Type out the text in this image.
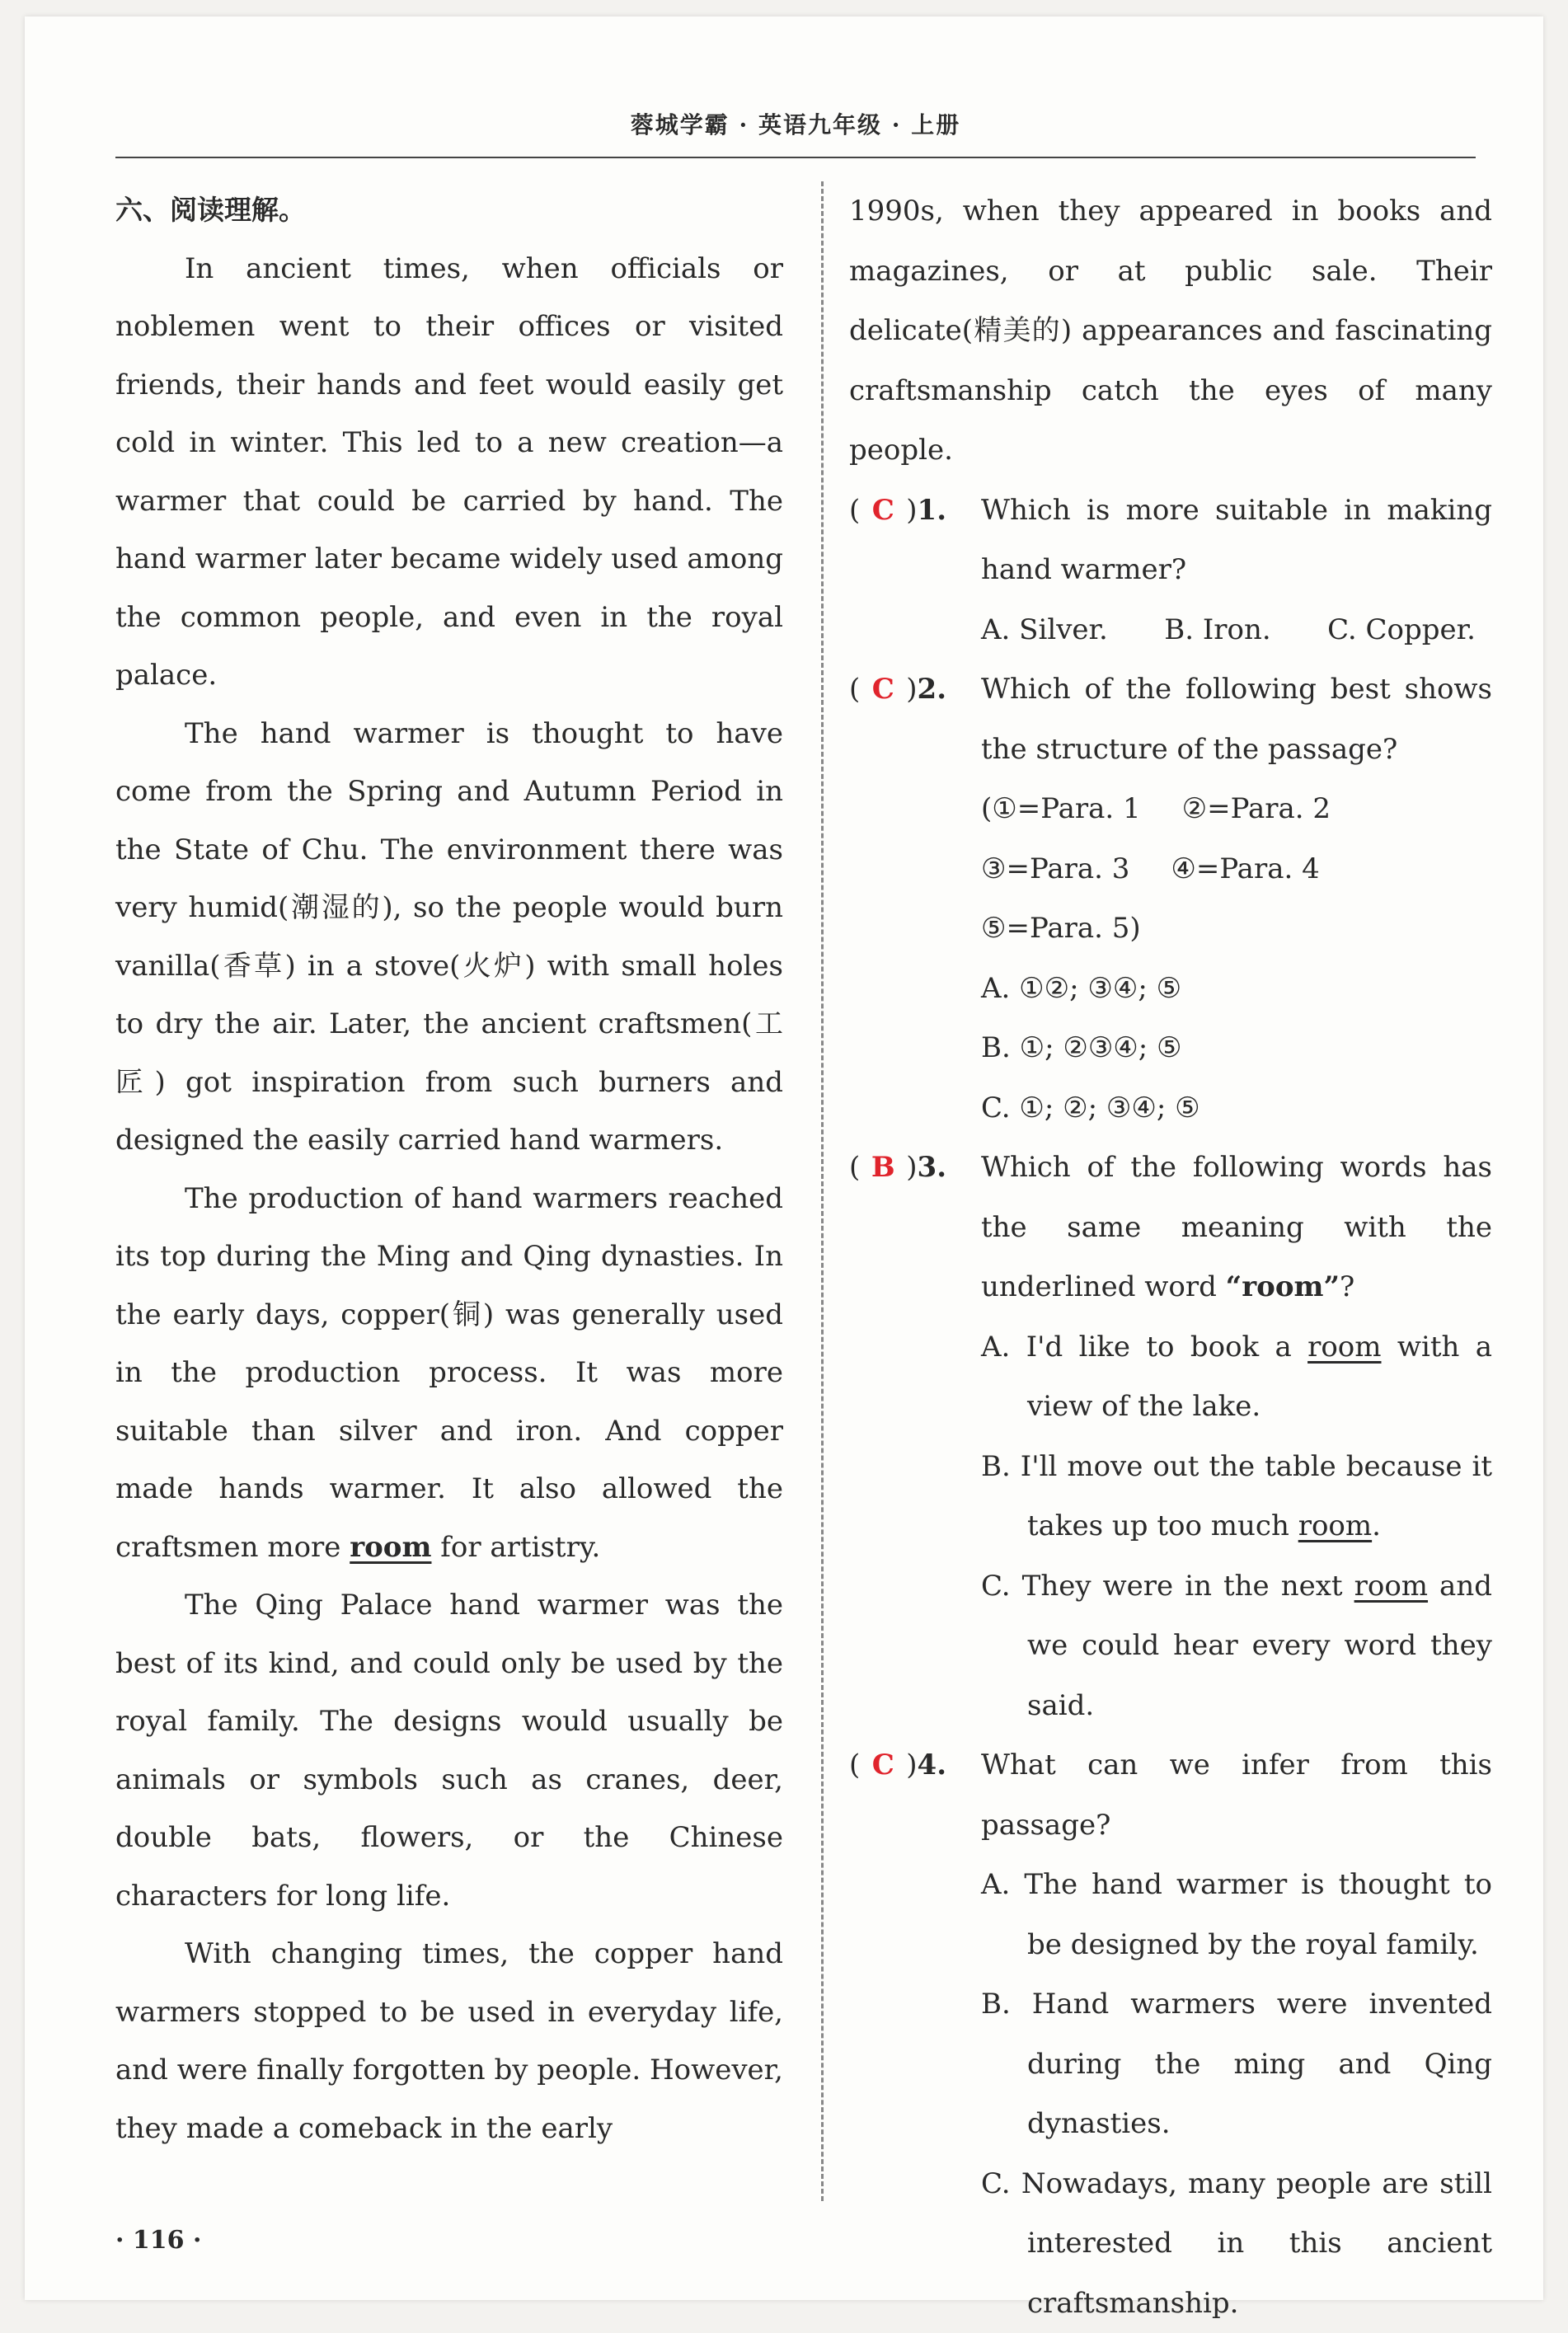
蓉城学霸 · 英语九年级 · 上册

六、阅读理解。

In ancient times, when officials or noblemen went to their offices or visited friends, their hands and feet would easily get cold in winter. This led to a new creation—a warmer that could be carried by hand. The hand warmer later became widely used among the common people, and even in the royal palace.

The hand warmer is thought to have come from the Spring and Autumn Period in the State of Chu. The environment there was very humid(潮湿的), so the people would burn vanilla(香草) in a stove(火炉) with small holes to dry the air. Later, the ancient craftsmen(工匠) got inspiration from such burners and designed the easily carried hand warmers.

The production of hand warmers reached its top during the Ming and Qing dynasties. In the early days, copper(铜) was generally used in the production process. It was more suitable than silver and iron. And copper made hands warmer. It also allowed the craftsmen more room for artistry.

The Qing Palace hand warmer was the best of its kind, and could only be used by the royal family. The designs would usually be animals or symbols such as cranes, deer, double bats, flowers, or the Chinese characters for long life.

With changing times, the copper hand warmers stopped to be used in everyday life, and were finally forgotten by people. However, they made a comeback in the early

1990s, when they appeared in books and magazines, or at public sale. Their delicate(精美的) appearances and fascinating craftsmanship catch the eyes of many people.

( C )1.	Which is more suitable in making hand warmer?
A. Silver. B. Iron. C. Copper.
( C )2.	Which of the following best shows the structure of the passage?
(①=Para. 1 ②=Para. 2
③=Para. 3 ④=Para. 4
⑤=Para. 5)
A. ①②; ③④; ⑤
B. ①; ②③④; ⑤
C. ①; ②; ③④; ⑤
( B )3.	Which of the following words has the same meaning with the underlined word “room”?
A. I'd like to book a room with a view of the lake.
B. I'll move out the table because it takes up too much room.
C. They were in the next room and we could hear every word they said.
( C )4.	What can we infer from this passage?
A. The hand warmer is thought to be designed by the royal family.
B. Hand warmers were invented during the ming and Qing dynasties.
C. Nowadays, many people are still interested in this ancient craftsmanship.
· 116 ·
